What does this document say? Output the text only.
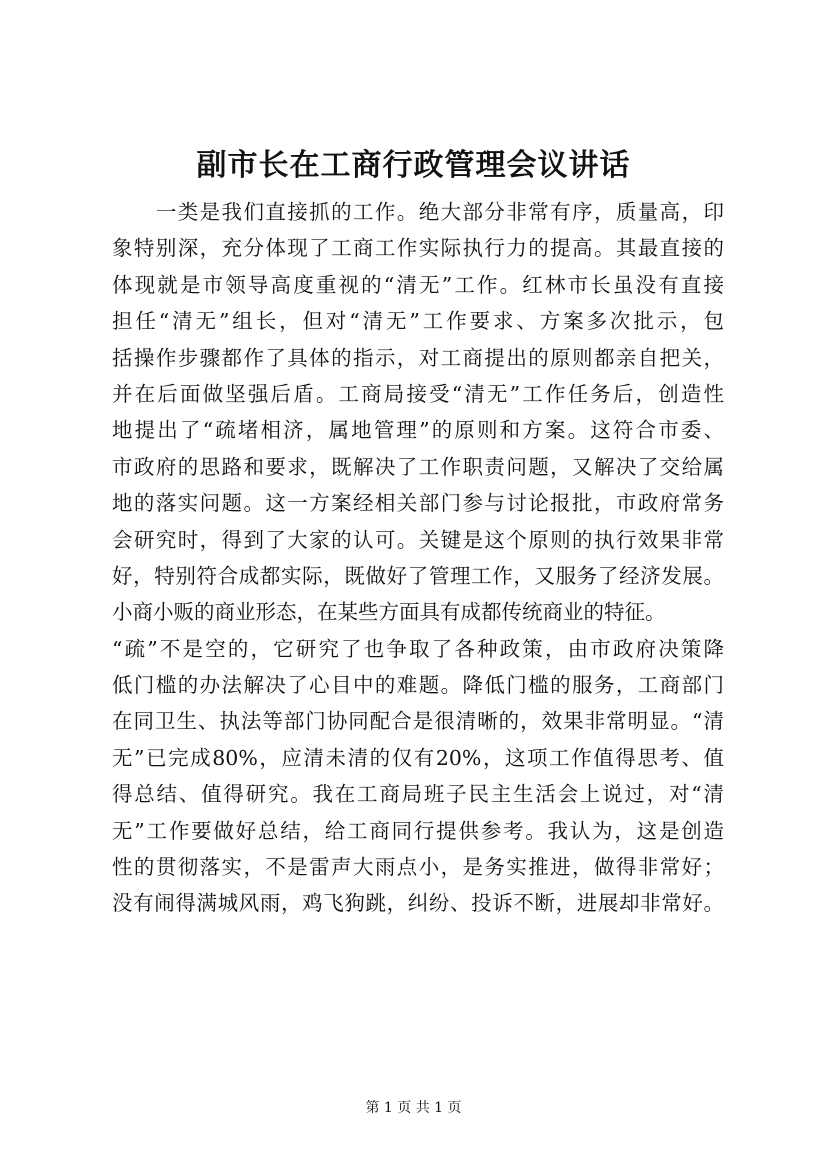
副市长在工商行政管理会议讲话
　　一类是我们直接抓的工作。绝大部分非常有序，质量高，印
象特别深，充分体现了工商工作实际执行力的提高。其最直接的
体现就是市领导高度重视的“清无”工作。红林市长虽没有直接
担任“清无”组长，但对“清无”工作要求、方案多次批示，包
括操作步骤都作了具体的指示，对工商提出的原则都亲自把关，
并在后面做坚强后盾。工商局接受“清无”工作任务后，创造性
地提出了“疏堵相济，属地管理”的原则和方案。这符合市委、
市政府的思路和要求，既解决了工作职责问题，又解决了交给属
地的落实问题。这一方案经相关部门参与讨论报批，市政府常务
会研究时，得到了大家的认可。关键是这个原则的执行效果非常
好，特别符合成都实际，既做好了管理工作，又服务了经济发展。
小商小贩的商业形态，在某些方面具有成都传统商业的特征。
“疏”不是空的，它研究了也争取了各种政策，由市政府决策降
低门槛的办法解决了心目中的难题。降低门槛的服务，工商部门
在同卫生、执法等部门协同配合是很清晰的，效果非常明显。“清
无”已完成80%，应清未清的仅有20%，这项工作值得思考、值
得总结、值得研究。我在工商局班子民主生活会上说过，对“清
无”工作要做好总结，给工商同行提供参考。我认为，这是创造
性的贯彻落实，不是雷声大雨点小，是务实推进，做得非常好；
没有闹得满城风雨，鸡飞狗跳，纠纷、投诉不断，进展却非常好。
第 1 页 共 1 页
